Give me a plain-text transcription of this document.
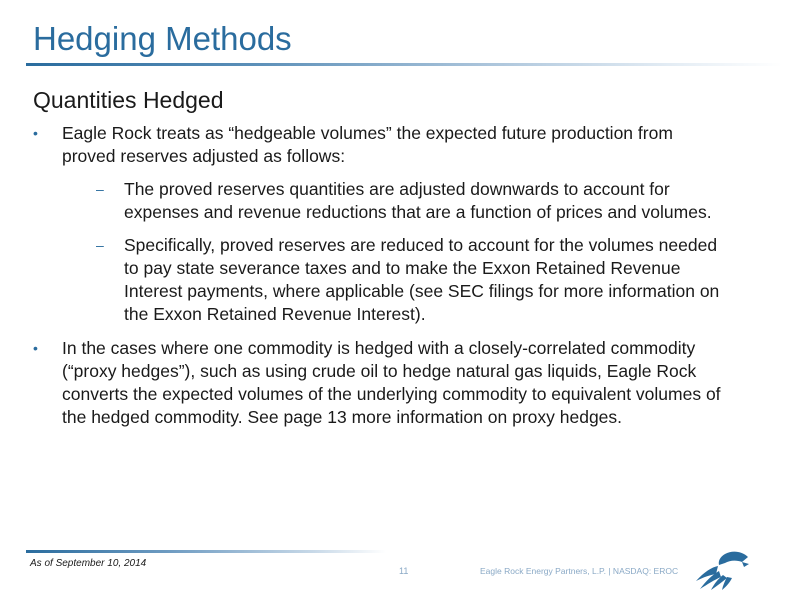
Hedging Methods
Quantities Hedged
• Eagle Rock treats as “hedgeable volumes” the expected future production from proved reserves adjusted as follows:
– The proved reserves quantities are adjusted downwards to account for expenses and revenue reductions that are a function of prices and volumes.
– Specifically, proved reserves are reduced to account for the volumes needed to pay state severance taxes and to make the Exxon Retained Revenue Interest payments, where applicable (see SEC filings for more information on the Exxon Retained Revenue Interest).
• In the cases where one commodity is hedged with a closely-correlated commodity (“proxy hedges”), such as using crude oil to hedge natural gas liquids, Eagle Rock converts the expected volumes of the underlying commodity to equivalent volumes of the hedged commodity. See page 13 more information on proxy hedges.
As of September 10, 2014
11	Eagle Rock Energy Partners, L.P. | NASDAQ: EROC
